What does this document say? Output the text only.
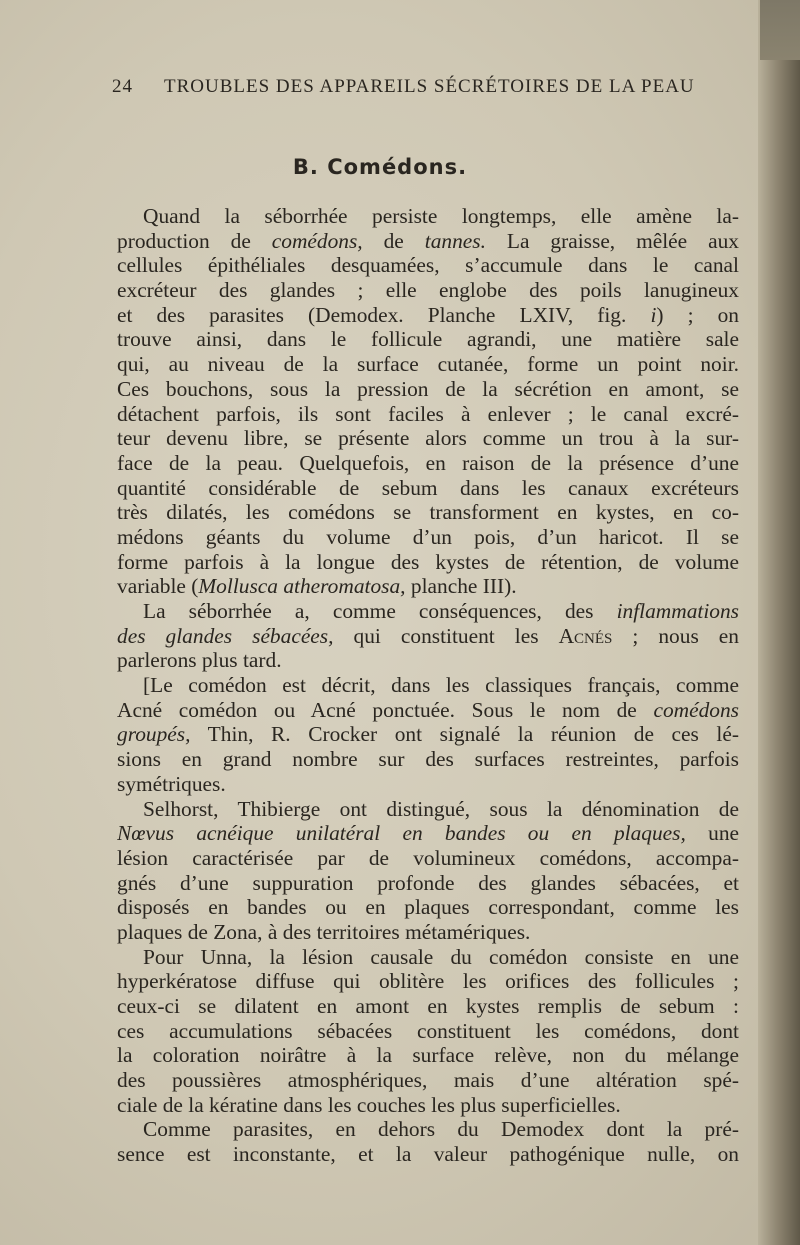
24 TROUBLES DES APPAREILS SÉCRÉTOIRES DE LA PEAU
B. Comédons.
Quand la séborrhée persiste longtemps, elle amène la-
production de comédons, de tannes. La graisse, mêlée aux
cellules épithéliales desquamées, s’accumule dans le canal
excréteur des glandes ; elle englobe des poils lanugineux
et des parasites (Demodex. Planche LXIV, fig. i) ; on
trouve ainsi, dans le follicule agrandi, une matière sale
qui, au niveau de la surface cutanée, forme un point noir.
Ces bouchons, sous la pression de la sécrétion en amont, se
détachent parfois, ils sont faciles à enlever ; le canal excré-
teur devenu libre, se présente alors comme un trou à la sur-
face de la peau. Quelquefois, en raison de la présence d’une
quantité considérable de sebum dans les canaux excréteurs
très dilatés, les comédons se transforment en kystes, en co-
médons géants du volume d’un pois, d’un haricot. Il se
forme parfois à la longue des kystes de rétention, de volume
variable (Mollusca atheromatosa, planche III).
La séborrhée a, comme conséquences, des inflammations
des glandes sébacées, qui constituent les Acnés ; nous en
parlerons plus tard.
[Le comédon est décrit, dans les classiques français, comme
Acné comédon ou Acné ponctuée. Sous le nom de comédons
groupés, Thin, R. Crocker ont signalé la réunion de ces lé-
sions en grand nombre sur des surfaces restreintes, parfois
symétriques.
Selhorst, Thibierge ont distingué, sous la dénomination de
Nœvus acnéique unilatéral en bandes ou en plaques, une
lésion caractérisée par de volumineux comédons, accompa-
gnés d’une suppuration profonde des glandes sébacées, et
disposés en bandes ou en plaques correspondant, comme les
plaques de Zona, à des territoires métamériques.
Pour Unna, la lésion causale du comédon consiste en une
hyperkératose diffuse qui oblitère les orifices des follicules ;
ceux-ci se dilatent en amont en kystes remplis de sebum :
ces accumulations sébacées constituent les comédons, dont
la coloration noirâtre à la surface relève, non du mélange
des poussières atmosphériques, mais d’une altération spé-
ciale de la kératine dans les couches les plus superficielles.
Comme parasites, en dehors du Demodex dont la pré-
sence est inconstante, et la valeur pathogénique nulle, on
